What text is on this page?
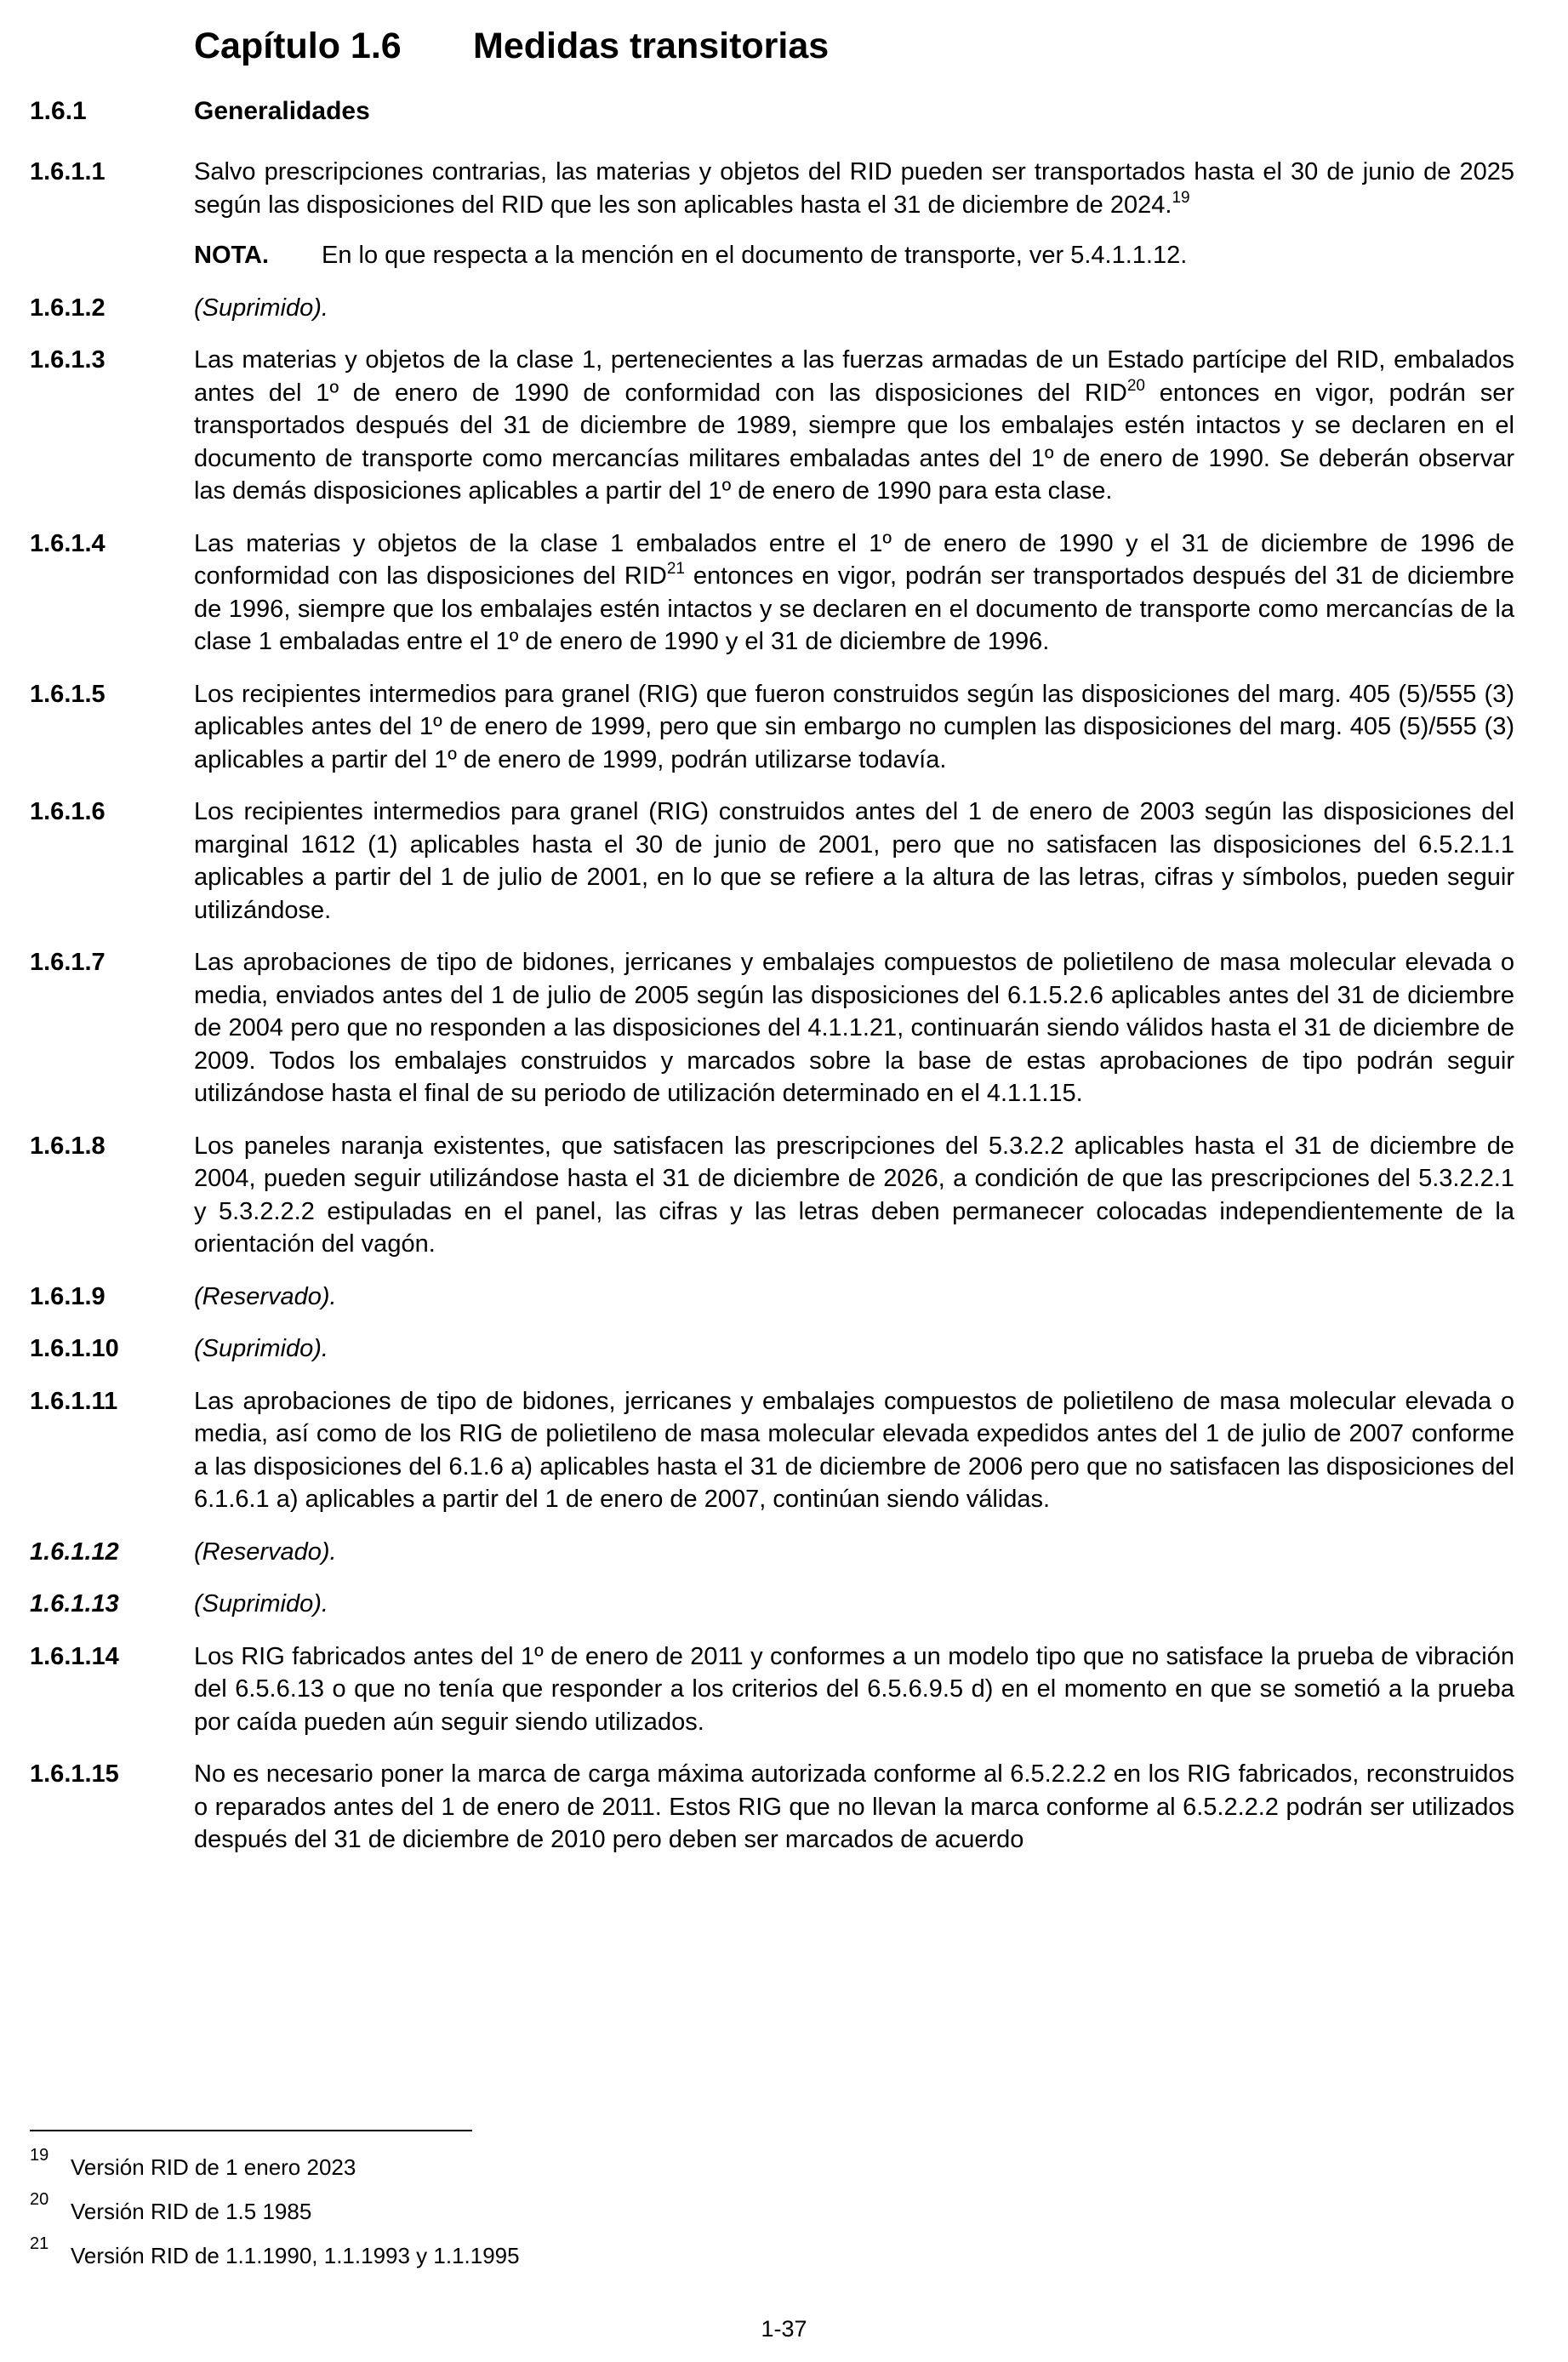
Capítulo 1.6 Medidas transitorias
1.6.1	Generalidades
1.6.1.1	Salvo prescripciones contrarias, las materias y objetos del RID pueden ser transportados hasta el 30 de junio de 2025 según las disposiciones del RID que les son aplicables hasta el 31 de diciembre de 2024.19
NOTA. En lo que respecta a la mención en el documento de transporte, ver 5.4.1.1.12.
1.6.1.2	(Suprimido).
1.6.1.3	Las materias y objetos de la clase 1, pertenecientes a las fuerzas armadas de un Estado partícipe del RID, embalados antes del 1º de enero de 1990 de conformidad con las disposiciones del RID$^{20}$ entonces en vigor, podrán ser transportados después del 31 de diciembre de 1989, siempre que los embalajes estén intactos y se declaren en el documento de transporte como mercancías militares embaladas antes del 1º de enero de 1990. Se deberán observar las demás disposiciones aplicables a partir del 1º de enero de 1990 para esta clase.
1.6.1.4	Las materias y objetos de la clase 1 embalados entre el 1º de enero de 1990 y el 31 de diciembre de 1996 de conformidad con las disposiciones del RID$^{21}$ entonces en vigor, podrán ser transportados después del 31 de diciembre de 1996, siempre que los embalajes estén intactos y se declaren en el documento de transporte como mercancías de la clase 1 embaladas entre el 1º de enero de 1990 y el 31 de diciembre de 1996.
1.6.1.5	Los recipientes intermedios para granel (RIG) que fueron construidos según las disposiciones del marg. 405 (5)/555 (3) aplicables antes del 1º de enero de 1999, pero que sin embargo no cumplen las disposiciones del marg. 405 (5)/555 (3) aplicables a partir del 1º de enero de 1999, podrán utilizarse todavía.
1.6.1.6	Los recipientes intermedios para granel (RIG) construidos antes del 1 de enero de 2003 según las disposiciones del marginal 1612 (1) aplicables hasta el 30 de junio de 2001, pero que no satisfacen las disposiciones del 6.5.2.1.1 aplicables a partir del 1 de julio de 2001, en lo que se refiere a la altura de las letras, cifras y símbolos, pueden seguir utilizándose.
1.6.1.7	Las aprobaciones de tipo de bidones, jerricanes y embalajes compuestos de polietileno de masa molecular elevada o media, enviados antes del 1 de julio de 2005 según las disposiciones del 6.1.5.2.6 aplicables antes del 31 de diciembre de 2004 pero que no responden a las disposiciones del 4.1.1.21, continuarán siendo válidos hasta el 31 de diciembre de 2009. Todos los embalajes construidos y marcados sobre la base de estas aprobaciones de tipo podrán seguir utilizándose hasta el final de su periodo de utilización determinado en el 4.1.1.15.
1.6.1.8	Los paneles naranja existentes, que satisfacen las prescripciones del 5.3.2.2 aplicables hasta el 31 de diciembre de 2004, pueden seguir utilizándose hasta el 31 de diciembre de 2026, a condición de que las prescripciones del 5.3.2.2.1 y 5.3.2.2.2 estipuladas en el panel, las cifras y las letras deben permanecer colocadas independientemente de la orientación del vagón.
1.6.1.9	(Reservado).
1.6.1.10	(Suprimido).
1.6.1.11	Las aprobaciones de tipo de bidones, jerricanes y embalajes compuestos de polietileno de masa molecular elevada o media, así como de los RIG de polietileno de masa molecular elevada expedidos antes del 1 de julio de 2007 conforme a las disposiciones del 6.1.6 a) aplicables hasta el 31 de diciembre de 2006 pero que no satisfacen las disposiciones del 6.1.6.1 a) aplicables a partir del 1 de enero de 2007, continúan siendo válidas.
1.6.1.12	(Reservado).
1.6.1.13	(Suprimido).
1.6.1.14	Los RIG fabricados antes del 1º de enero de 2011 y conformes a un modelo tipo que no satisface la prueba de vibración del 6.5.6.13 o que no tenía que responder a los criterios del 6.5.6.9.5 d) en el momento en que se sometió a la prueba por caída pueden aún seguir siendo utilizados.
1.6.1.15	No es necesario poner la marca de carga máxima autorizada conforme al 6.5.2.2.2 en los RIG fabricados, reconstruidos o reparados antes del 1 de enero de 2011. Estos RIG que no llevan la marca conforme al 6.5.2.2.2 podrán ser utilizados después del 31 de diciembre de 2010 pero deben ser marcados de acuerdo
19 Versión RID de 1 enero 2023
20 Versión RID de 1.5 1985
21 Versión RID de 1.1.1990, 1.1.1993 y 1.1.1995
1-37
